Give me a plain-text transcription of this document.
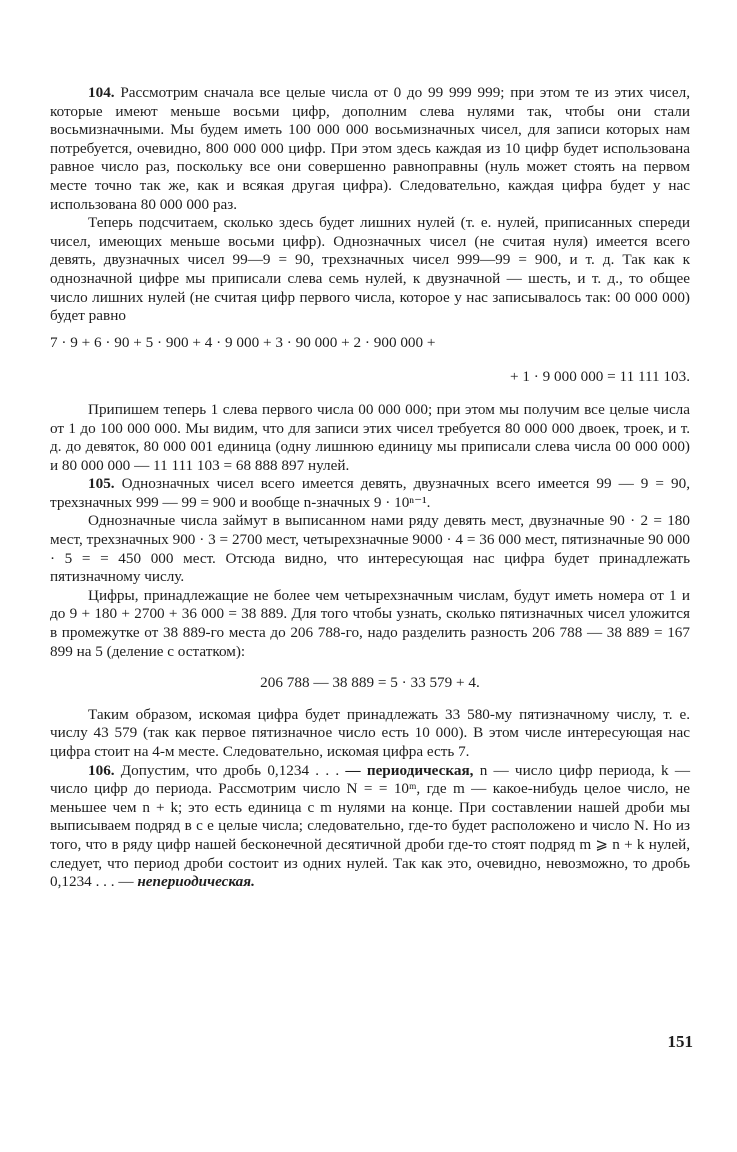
104. Рассмотрим сначала все целые числа от 0 до 99 999 999; при этом те из этих чисел, которые имеют меньше восьми цифр, дополним слева нулями так, чтобы они стали восьмизначными. Мы будем иметь 100 000 000 восьмизначных чисел, для записи которых нам потребуется, очевидно, 800 000 000 цифр. При этом здесь каждая из 10 цифр будет использована равное число раз, поскольку все они совершенно равноправны (нуль может стоять на первом месте точно так же, как и всякая другая цифра). Следовательно, каждая цифра будет у нас использована 80 000 000 раз.

Теперь подсчитаем, сколько здесь будет лишних нулей (т. е. нулей, приписанных спереди чисел, имеющих меньше восьми цифр). Однозначных чисел (не считая нуля) имеется всего девять, двузначных чисел 99—9 = 90, трехзначных чисел 999—99 = 900, и т. д. Так как к однозначной цифре мы приписали слева семь нулей, к двузначной — шесть, и т. д., то общее число лишних нулей (не считая цифр первого числа, которое у нас записывалось так: 00 000 000) будет равно

7 · 9 + 6 · 90 + 5 · 900 + 4 · 9 000 + 3 · 90 000 + 2 · 900 000 +

+ 1 · 9 000 000 = 11 111 103.

Припишем теперь 1 слева первого числа 00 000 000; при этом мы получим все целые числа от 1 до 100 000 000. Мы видим, что для записи этих чисел требуется 80 000 000 двоек, троек, и т. д. до девяток, 80 000 001 единица (одну лишнюю единицу мы приписали слева числа 00 000 000) и 80 000 000 — 11 111 103 = 68 888 897 нулей.

105. Однозначных чисел всего имеется девять, двузначных всего имеется 99 — 9 = 90, трехзначных 999 — 99 = 900 и вообще n-значных 9 · 10ⁿ⁻¹.

Однозначные числа займут в выписанном нами ряду девять мест, двузначные 90 · 2 = 180 мест, трехзначных 900 · 3 = 2700 мест, четырехзначные 9000 · 4 = 36 000 мест, пятизначные 90 000 · 5 = = 450 000 мест. Отсюда видно, что интересующая нас цифра будет принадлежать пятизначному числу.

Цифры, принадлежащие не более чем четырехзначным числам, будут иметь номера от 1 и до 9 + 180 + 2700 + 36 000 = 38 889. Для того чтобы узнать, сколько пятизначных чисел уложится в промежутке от 38 889-го места до 206 788-го, надо разделить разность 206 788 — 38 889 = 167 899 на 5 (деление с остатком):

206 788 — 38 889 = 5 · 33 579 + 4.

Таким образом, искомая цифра будет принадлежать 33 580-му пятизначному числу, т. е. числу 43 579 (так как первое пятизначное число есть 10 000). В этом числе интересующая нас цифра стоит на 4-м месте. Следовательно, искомая цифра есть 7.

106. Допустим, что дробь 0,1234 . . . — периодическая, n — число цифр периода, k — число цифр до периода. Рассмотрим число N = = 10ᵐ, где m — какое-нибудь целое число, не меньшее чем n + k; это есть единица с m нулями на конце. При составлении нашей дроби мы выписываем подряд в с е целые числа; следовательно, где-то будет расположено и число N. Но из того, что в ряду цифр нашей бесконечной десятичной дроби где-то стоят подряд m ⩾ n + k нулей, следует, что период дроби состоит из одних нулей. Так как это, очевидно, невозможно, то дробь 0,1234 . . . — непериодическая.

151
